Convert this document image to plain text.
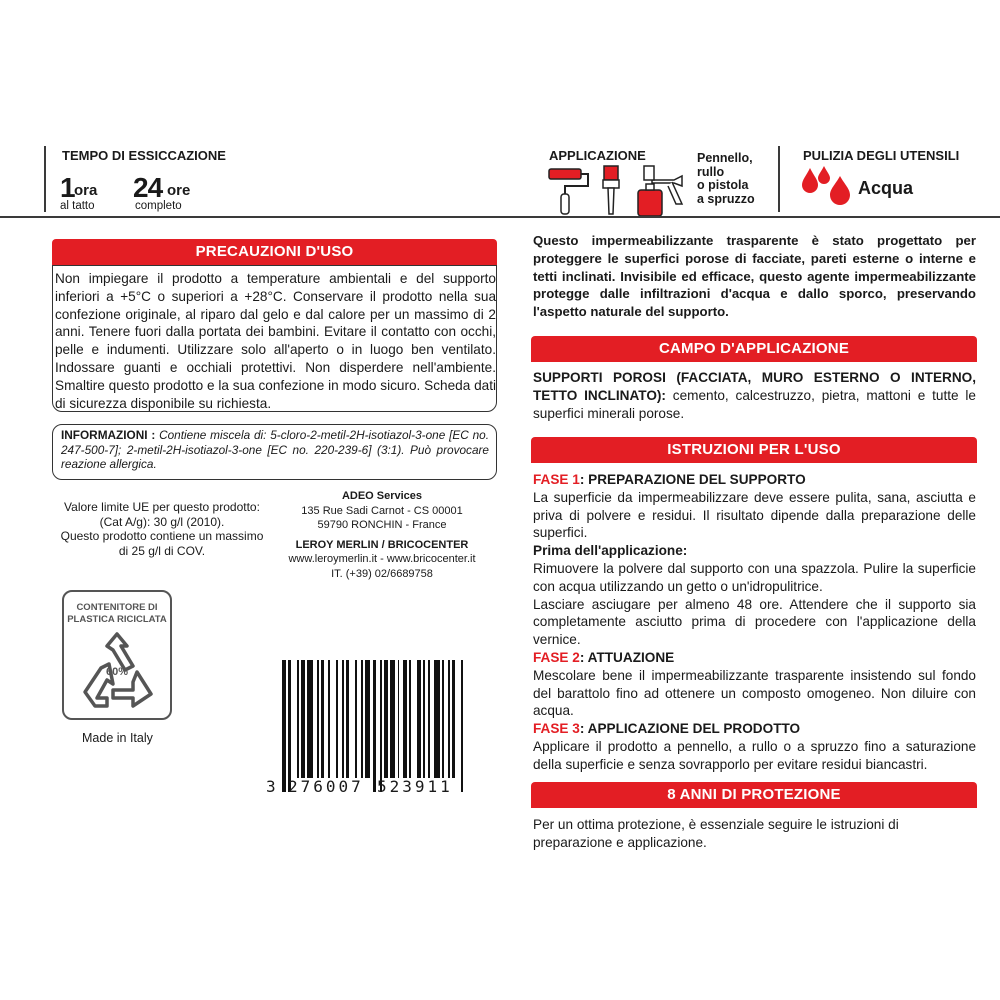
TEMPO DI ESSICCAZIONE
1 ora
al tatto
24 ore
completo
APPLICAZIONE	Pennello,
rullo
o pistola
a spruzzo
PULIZIA DEGLI UTENSILI
Acqua
PRECAUZIONI D'USO
Non impiegare il prodotto a temperature ambientali e del supporto inferiori a +5°C o superiori a +28°C. Conservare il prodotto nella sua confezione originale, al riparo dal gelo e dal calore per un massimo di 2 anni. Tenere fuori dalla portata dei bambini. Evitare il contatto con occhi, pelle e indumenti. Utilizzare solo all'aperto o in luogo ben ventilato. Indossare guanti e occhiali protettivi. Non disperdere nell'ambiente. Smaltire questo prodotto e la sua confezione in modo sicuro. Scheda dati di sicurezza disponibile su richiesta.
INFORMAZIONI : Contiene miscela di: 5-cloro-2-metil-2H-isotiazol-3-one [EC no. 247-500-7]; 2-metil-2H-isotiazol-3-one [EC no. 220-239-6] (3:1). Può provocare reazione allergica.
Valore limite UE per questo prodotto:
(Cat A/g): 30 g/l (2010).
Questo prodotto contiene un massimo
di 25 g/l di COV.
ADEO Services
135 Rue Sadi Carnot - CS 00001
59790 RONCHIN - France
LEROY MERLIN / BRICOCENTER
www.leroymerlin.it - www.bricocenter.it
IT. (+39) 02/6689758
CONTENITORE DI
PLASTICA RICICLATA
60%
Made in Italy
3 276007 523911
Questo impermeabilizzante trasparente è stato progettato per proteggere le superfici porose di facciate, pareti esterne o interne e tetti inclinati. Invisibile ed efficace, questo agente impermeabilizzante protegge dalle infiltrazioni d'acqua e dallo sporco, preservando l'aspetto naturale del supporto.
CAMPO D'APPLICAZIONE
SUPPORTI POROSI (FACCIATA, MURO ESTERNO O INTERNO, TETTO INCLINATO): cemento, calcestruzzo, pietra, mattoni e tutte le superfici minerali porose.
ISTRUZIONI PER L'USO
FASE 1: PREPARAZIONE DEL SUPPORTO
La superficie da impermeabilizzare deve essere pulita, sana, asciutta e priva di polvere e residui. Il risultato dipende dalla preparazione delle superfici.
Prima dell'applicazione:
Rimuovere la polvere dal supporto con una spazzola. Pulire la superficie con acqua utilizzando un getto o un'idropulitrice.
Lasciare asciugare per almeno 48 ore. Attendere che il supporto sia completamente asciutto prima di procedere con l'applicazione della vernice.
FASE 2: ATTUAZIONE
Mescolare bene il impermeabilizzante trasparente insistendo sul fondo del barattolo fino ad ottenere un composto omogeneo. Non diluire con acqua.
FASE 3: APPLICAZIONE DEL PRODOTTO
Applicare il prodotto a pennello, a rullo o a spruzzo fino a saturazione della superficie e senza sovrapporlo per evitare residui biancastri.
8 ANNI DI PROTEZIONE
Per un ottima protezione, è essenziale seguire le istruzioni di preparazione e applicazione.
